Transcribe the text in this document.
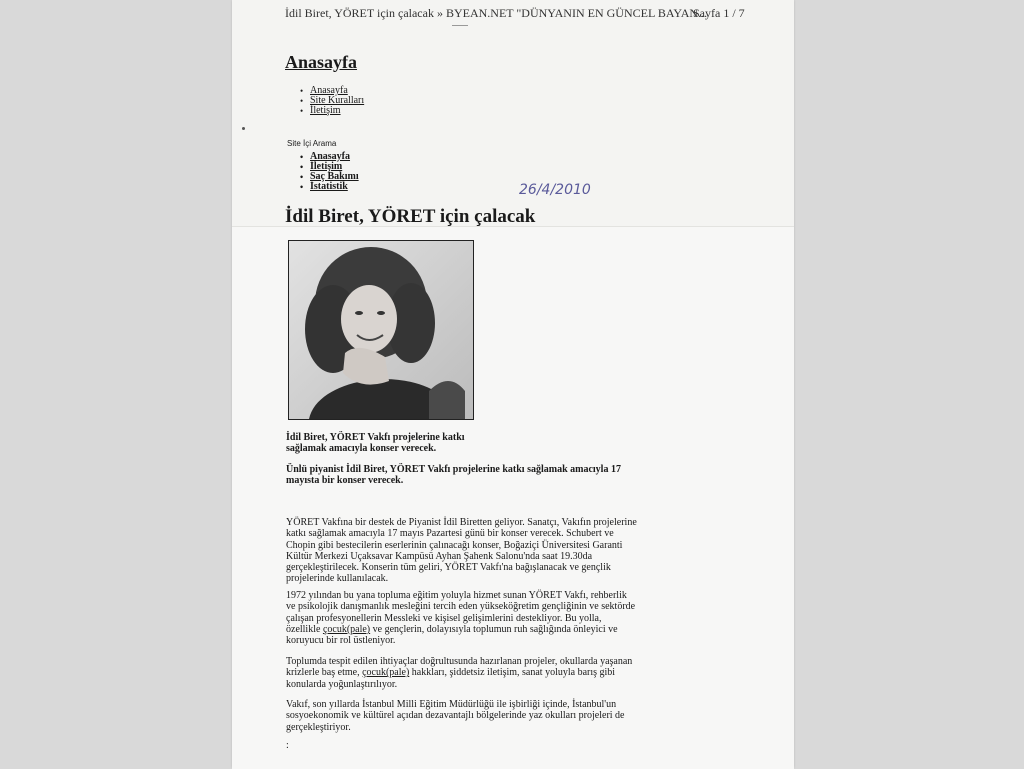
İdil Biret, YÖRET için çalacak » BYEAN.NET "DÜNYANIN EN GÜNCEL BAYAN...
Sayfa 1 / 7
Anasayfa
• Anasayfa
• Site Kuralları
• İletişim
Site İçi Arama
• Anasayfa
• İletişim
• Saç Bakımı
• İstatistik	26/4/2010
İdil Biret, YÖRET için çalacak
İdil Biret, YÖRET Vakfı projelerine katkı sağlamak amacıyla konser verecek.
Ünlü piyanist İdil Biret, YÖRET Vakfı projelerine katkı sağlamak amacıyla 17 mayısta bir konser verecek.
YÖRET Vakfına bir destek de Piyanist İdil Biretten geliyor. Sanatçı, Vakıfın projelerine katkı sağlamak amacıyla 17 mayıs Pazartesi günü bir konser verecek. Schubert ve Chopin gibi bestecilerin eserlerinin çalınacağı konser, Boğaziçi Üniversitesi Garanti Kültür Merkezi Uçaksavar Kampüsü Ayhan Şahenk Salonu'nda saat 19.30da gerçekleştirilecek. Konserin tüm geliri, YÖRET Vakfı'na bağışlanacak ve gençlik projelerinde kullanılacak.
1972 yılından bu yana topluma eğitim yoluyla hizmet sunan YÖRET Vakfı, rehberlik ve psikolojik danışmanlık mesleğini tercih eden yükseköğretim gençliğinin ve sektörde çalışan profesyonellerin Messleki ve kişisel gelişimlerini destekliyor. Bu yolla, özellikle çocuk(pale) ve gençlerin, dolayısıyla toplumun ruh sağlığında önleyici ve koruyucu bir rol üstleniyor.
Toplumda tespit edilen ihtiyaçlar doğrultusunda hazırlanan projeler, okullarda yaşanan krizlerle baş etme, çocuk(pale) hakkları, şiddetsiz iletişim, sanat yoluyla barış gibi konularda yoğunlaştırılıyor.
Vakıf, son yıllarda İstanbul Milli Eğitim Müdürlüğü ile işbirliği içinde, İstanbul'un sosyoekonomik ve kültürel açıdan dezavantajlı bölgelerinde yaz okulları projeleri de gerçekleştiriyor.
:
